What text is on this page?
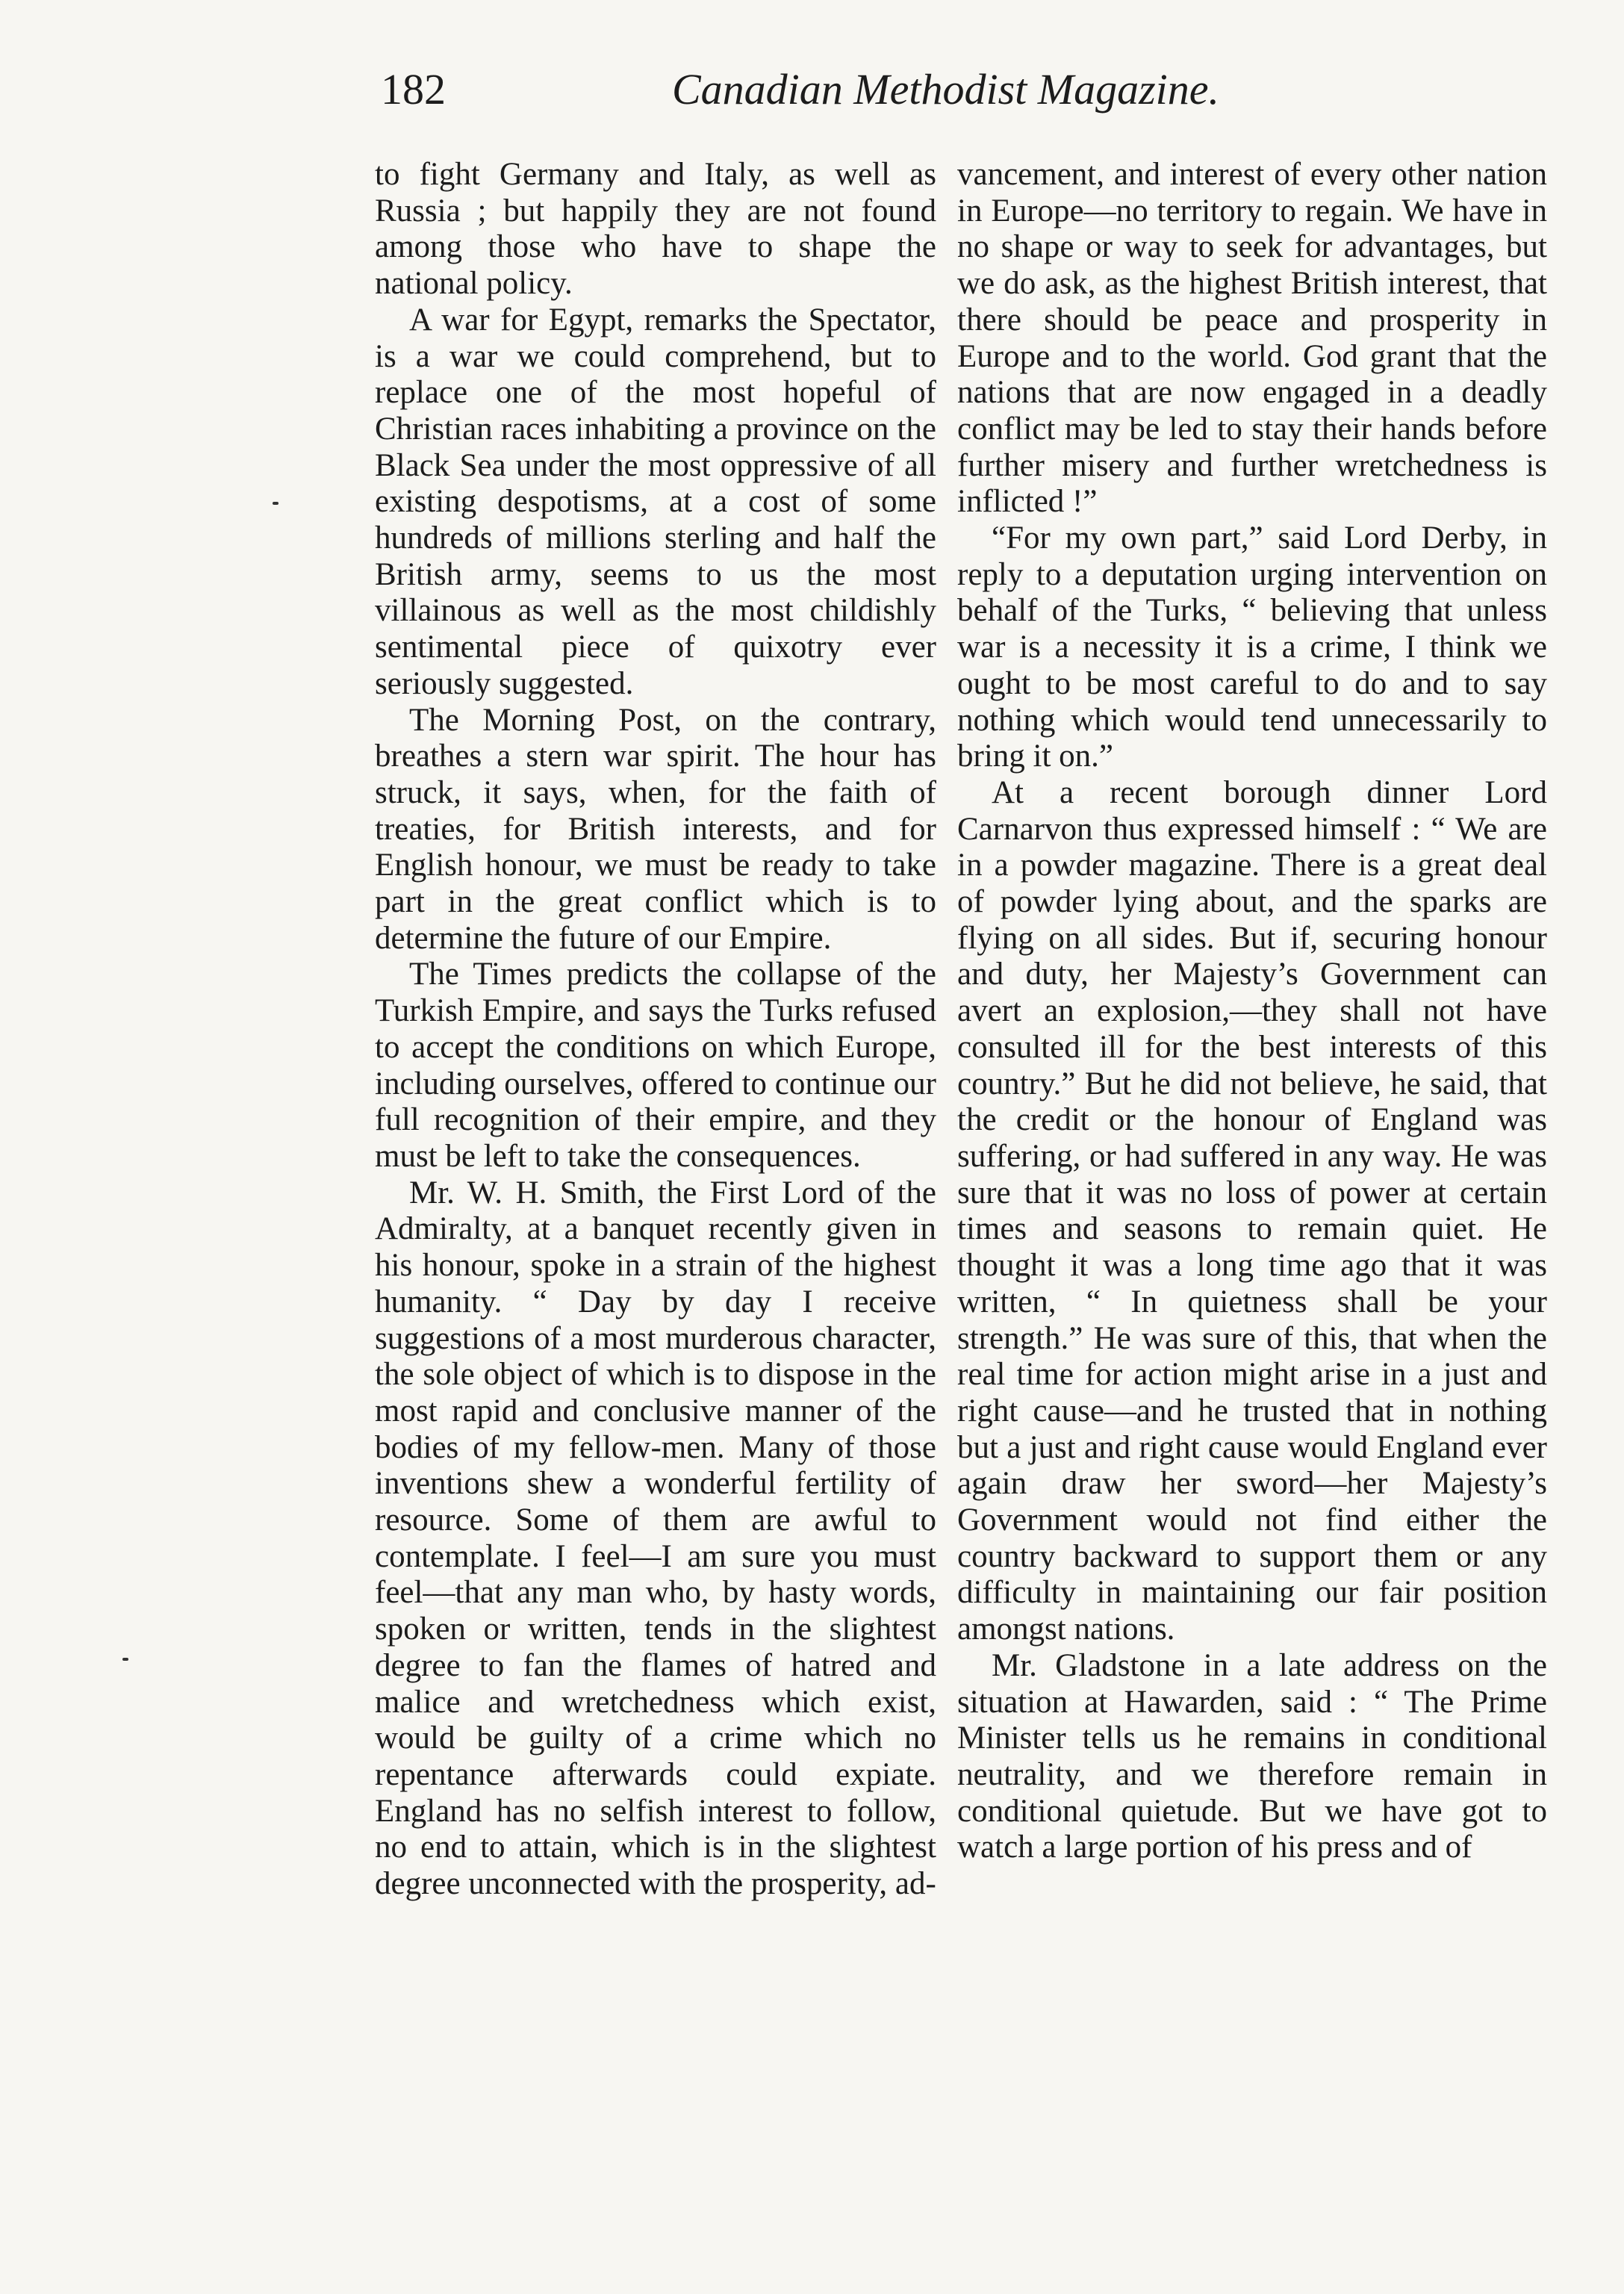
182	Canadian Methodist Magazine.

to fight Germany and Italy, as well as Russia ; but happily they are not found among those who have to shape the national policy.

A war for Egypt, remarks the Spectator, is a war we could comprehend, but to replace one of the most hopeful of Christian races inhabiting a province on the Black Sea under the most oppressive of all existing despotisms, at a cost of some hundreds of millions sterling and half the British army, seems to us the most villainous as well as the most childishly sentimental piece of quixotry ever seriously suggested.

The Morning Post, on the contrary, breathes a stern war spirit. The hour has struck, it says, when, for the faith of treaties, for British interests, and for English honour, we must be ready to take part in the great conflict which is to determine the future of our Empire.

The Times predicts the collapse of the Turkish Empire, and says the Turks refused to accept the conditions on which Europe, including ourselves, offered to continue our full recognition of their empire, and they must be left to take the consequences.

Mr. W. H. Smith, the First Lord of the Admiralty, at a banquet recently given in his honour, spoke in a strain of the highest humanity. “ Day by day I receive suggestions of a most murderous character, the sole object of which is to dispose in the most rapid and conclusive manner of the bodies of my fellow-men. Many of those inventions shew a wonderful fertility of resource. Some of them are awful to contemplate. I feel—I am sure you must feel—that any man who, by hasty words, spoken or written, tends in the slightest degree to fan the flames of hatred and malice and wretchedness which exist, would be guilty of a crime which no repentance afterwards could expiate. England has no selfish interest to follow, no end to attain, which is in the slightest degree unconnected with the prosperity, ad-

vancement, and interest of every other nation in Europe—no territory to regain. We have in no shape or way to seek for advantages, but we do ask, as the highest British interest, that there should be peace and prosperity in Europe and to the world. God grant that the nations that are now engaged in a deadly conflict may be led to stay their hands before further misery and further wretchedness is inflicted !”

“For my own part,” said Lord Derby, in reply to a deputation urging intervention on behalf of the Turks, “ believing that unless war is a necessity it is a crime, I think we ought to be most careful to do and to say nothing which would tend unnecessarily to bring it on.”

At a recent borough dinner Lord Carnarvon thus expressed himself : “ We are in a powder magazine. There is a great deal of powder lying about, and the sparks are flying on all sides. But if, securing honour and duty, her Majesty’s Government can avert an explosion,—they shall not have consulted ill for the best interests of this country.” But he did not believe, he said, that the credit or the honour of England was suffering, or had suffered in any way. He was sure that it was no loss of power at certain times and seasons to remain quiet. He thought it was a long time ago that it was written, “ In quietness shall be your strength.” He was sure of this, that when the real time for action might arise in a just and right cause—and he trusted that in nothing but a just and right cause would England ever again draw her sword—her Majesty’s Government would not find either the country backward to support them or any difficulty in maintaining our fair position amongst nations.

Mr. Gladstone in a late address on the situation at Hawarden, said : “ The Prime Minister tells us he remains in conditional neutrality, and we therefore remain in conditional quietude. But we have got to watch a large portion of his press and of
